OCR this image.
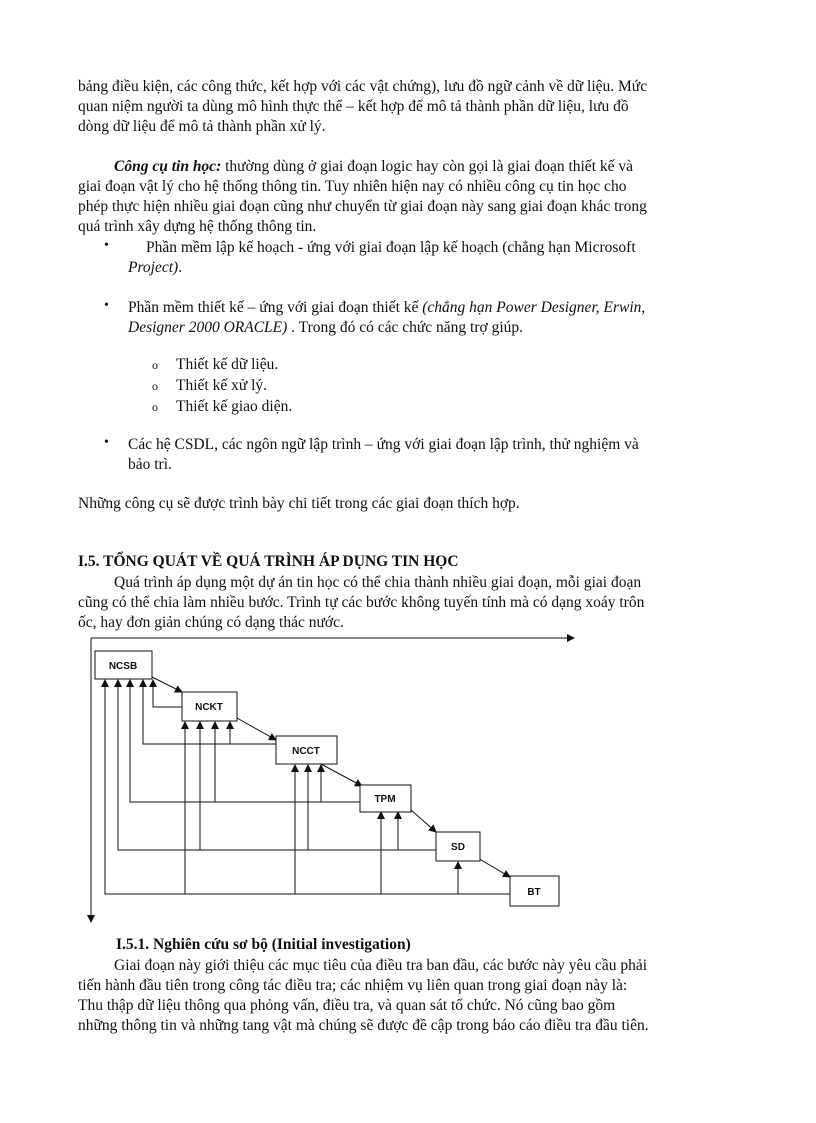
bảng điều kiện, các công thức, kết hợp với các vật chứng), lưu đồ ngữ cảnh về dữ liệu. Mức
quan niệm người ta dùng mô hình thực thể – kết hợp để mô tả thành phần dữ liệu, lưu đồ
dòng dữ liệu để mô tả thành phần xử lý.
Công cụ tin học: thường dùng ở giai đoạn logic hay còn gọi là giai đoạn thiết kế và
giai đoạn vật lý cho hệ thống thông tin. Tuy nhiên hiện nay có nhiều công cụ tin học cho
phép thực hiện nhiều giai đoạn cũng như chuyển từ giai đoạn này sang giai đoạn khác trong
quá trình xây dựng hệ thống thông tin.
•	Phần mềm lập kế hoạch - ứng với giai đoạn lập kế hoạch (chẳng hạn Microsoft
Project).
• Phần mềm thiết kế – ứng với giai đoạn thiết kế (chẳng hạn Power Designer, Erwin,
Designer 2000 ORACLE) . Trong đó có các chức năng trợ giúp.
o Thiết kế dữ liệu.
o Thiết kế xử lý.
o Thiết kế giao diện.
• Các hệ CSDL, các ngôn ngữ lập trình – ứng với giai đoạn lập trình, thử nghiệm và
bảo trì.
Những công cụ sẽ được trình bày chi tiết trong các giai đoạn thích hợp.
I.5. TỔNG QUÁT VỀ QUÁ TRÌNH ÁP DỤNG TIN HỌC
Quá trình áp dụng một dự án tin học có thể chia thành nhiều giai đoạn, mỗi giai đoạn
cũng có thể chia làm nhiều bước. Trình tự các bước không tuyến tính mà có dạng xoáy trôn
ốc, hay đơn giản chúng có dạng thác nước.
NCSB
NCKT
NCCT
TPM
SD
BT
I.5.1. Nghiên cứu sơ bộ (Initial investigation)
Giai đoạn này giới thiệu các mục tiêu của điều tra ban đầu, các bước này yêu cầu phải
tiến hành đầu tiên trong công tác điều tra; các nhiệm vụ liên quan trong giai đoạn này là:
Thu thập dữ liệu thông qua phỏng vấn, điều tra, và quan sát tổ chức. Nó cũng bao gồm
những thông tin và những tang vật mà chúng sẽ được đề cập trong báo cáo điều tra đầu tiên.
